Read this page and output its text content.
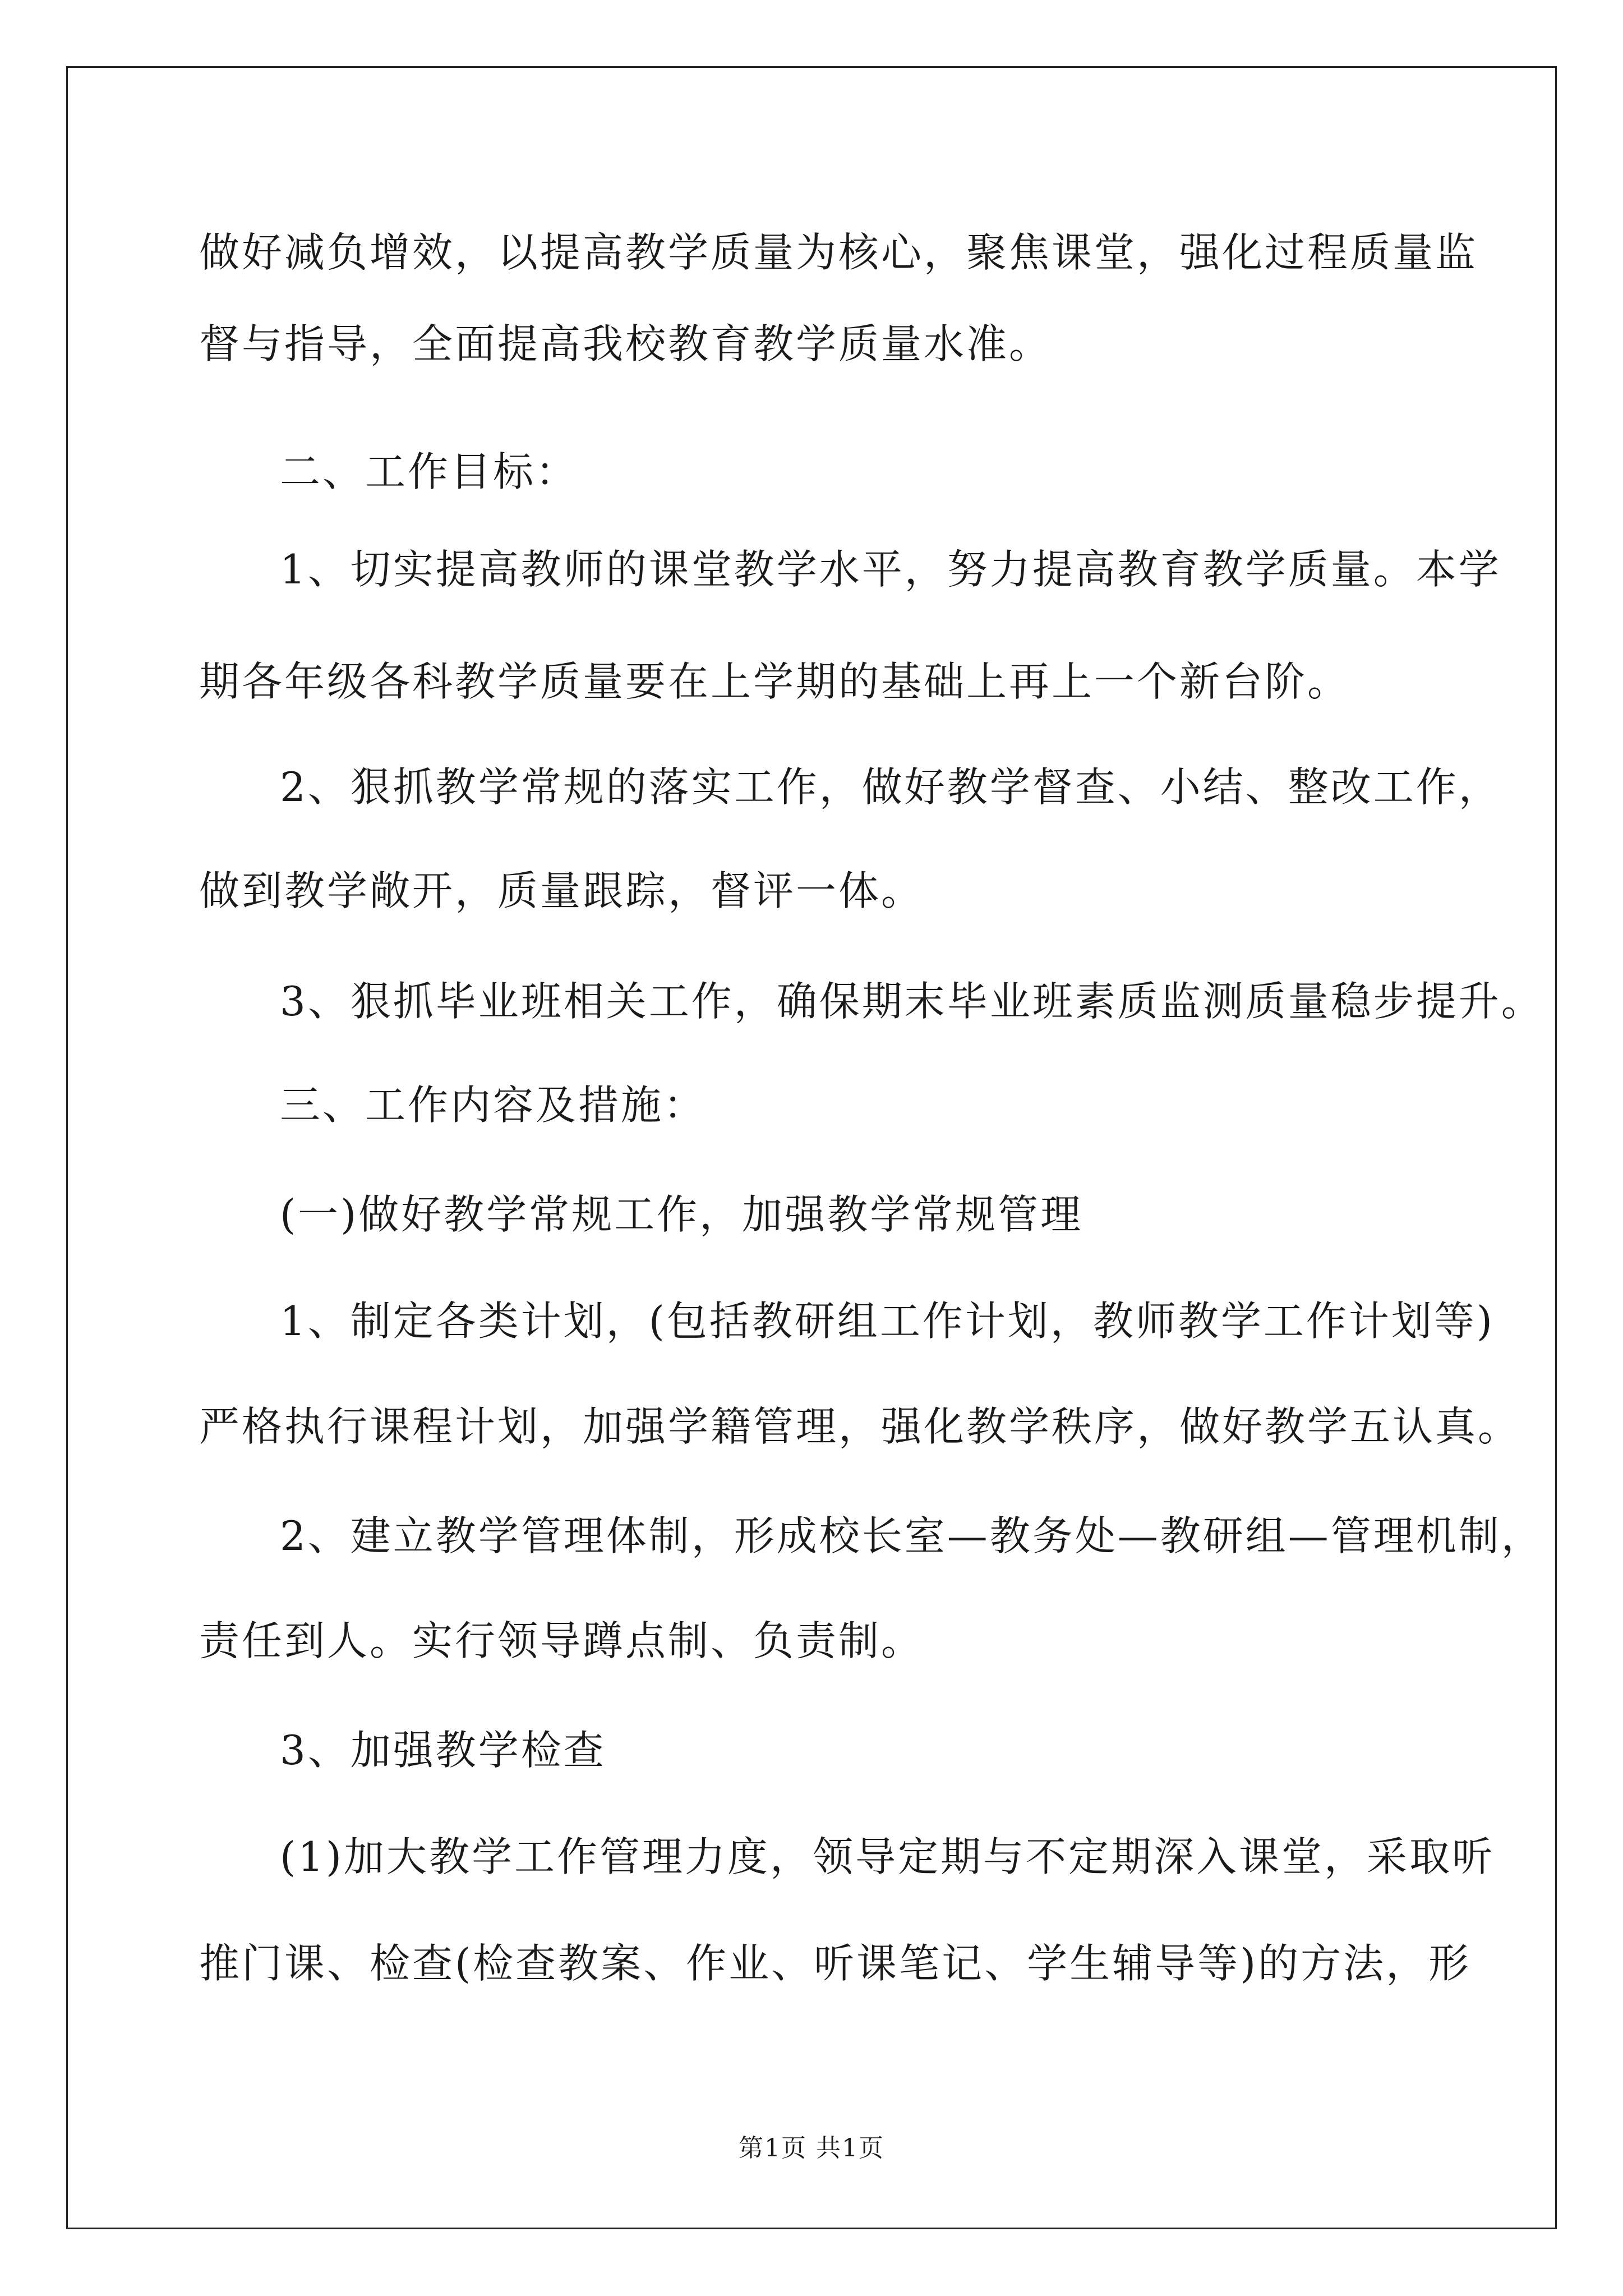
做好减负增效，以提高教学质量为核心，聚焦课堂，强化过程质量监
督与指导，全面提高我校教育教学质量水准。
二、工作目标：
1、切实提高教师的课堂教学水平，努力提高教育教学质量。本学
期各年级各科教学质量要在上学期的基础上再上一个新台阶。
2、狠抓教学常规的落实工作，做好教学督查、小结、整改工作，
做到教学敞开，质量跟踪，督评一体。
3、狠抓毕业班相关工作，确保期末毕业班素质监测质量稳步提升。
三、工作内容及措施：
(一)做好教学常规工作，加强教学常规管理
1、制定各类计划，(包括教研组工作计划，教师教学工作计划等)
严格执行课程计划，加强学籍管理，强化教学秩序，做好教学五认真。
2、建立教学管理体制，形成校长室—教务处—教研组—管理机制，
责任到人。实行领导蹲点制、负责制。
3、加强教学检查
(1)加大教学工作管理力度，领导定期与不定期深入课堂，采取听
推门课、检查(检查教案、作业、听课笔记、学生辅导等)的方法，形
第1页 共1页
